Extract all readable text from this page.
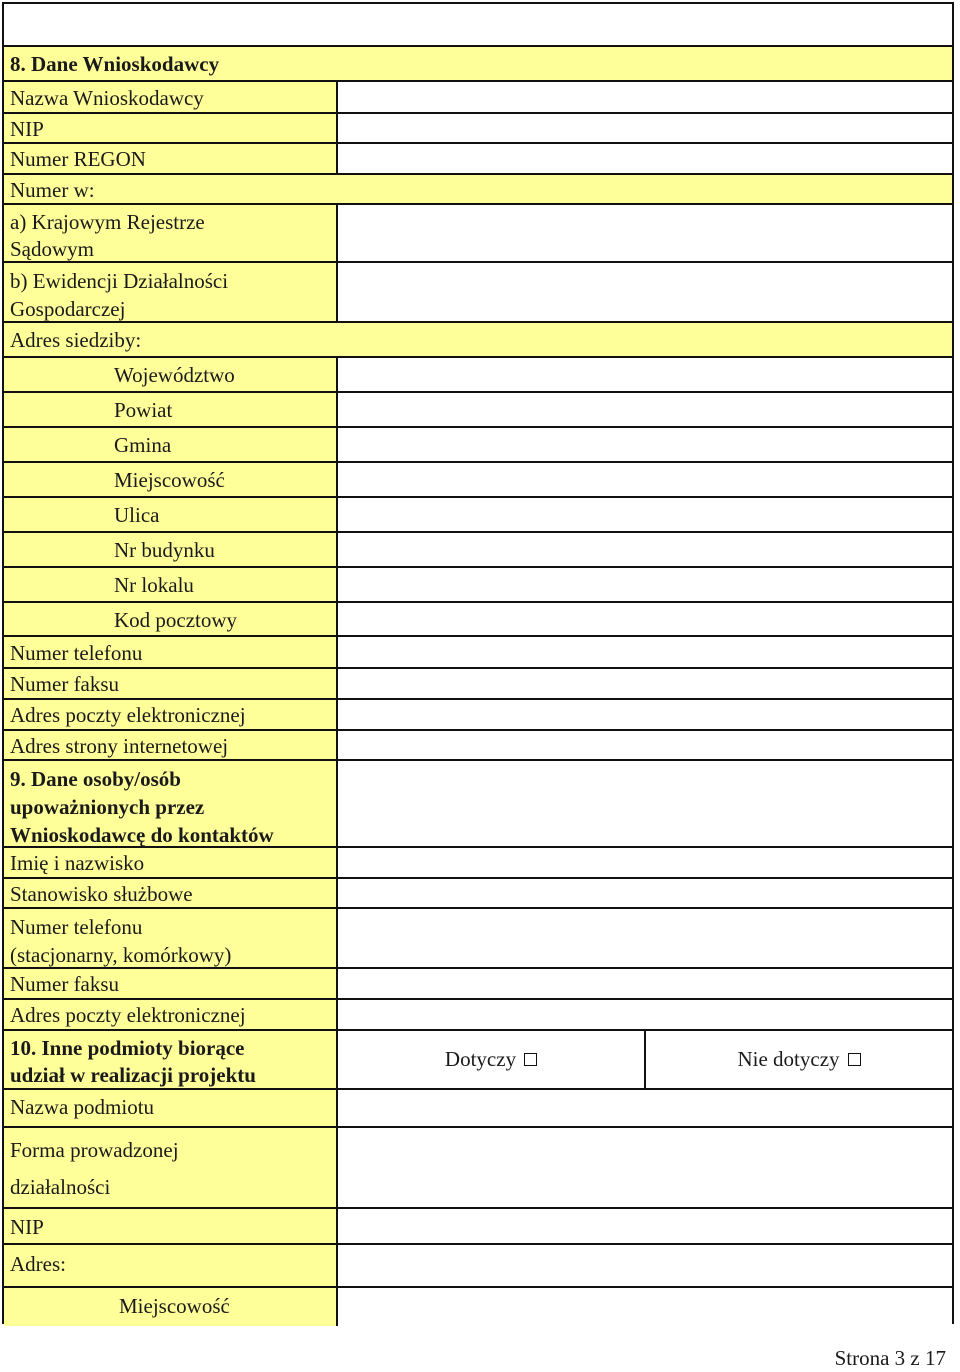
8. Dane Wnioskodawcy
Nazwa Wnioskodawcy
NIP
Numer REGON
Numer w:
a) Krajowym Rejestrze
Sądowym
b) Ewidencji Działalności
Gospodarczej
Adres siedziby:
Województwo
Powiat
Gmina
Miejscowość
Ulica
Nr budynku
Nr lokalu
Kod pocztowy
Numer telefonu
Numer faksu
Adres poczty elektronicznej
Adres strony internetowej
9. Dane osoby/osób
upoważnionych przez
Wnioskodawcę do kontaktów
Imię i nazwisko
Stanowisko służbowe
Numer telefonu
(stacjonarny, komórkowy)
Numer faksu
Adres poczty elektronicznej
10. Inne podmioty biorące
udział w realizacji projektu
Dotyczy	Nie dotyczy
Nazwa podmiotu
Forma prowadzonej
działalności
NIP
Adres:
Miejscowość
Strona 3 z 17
